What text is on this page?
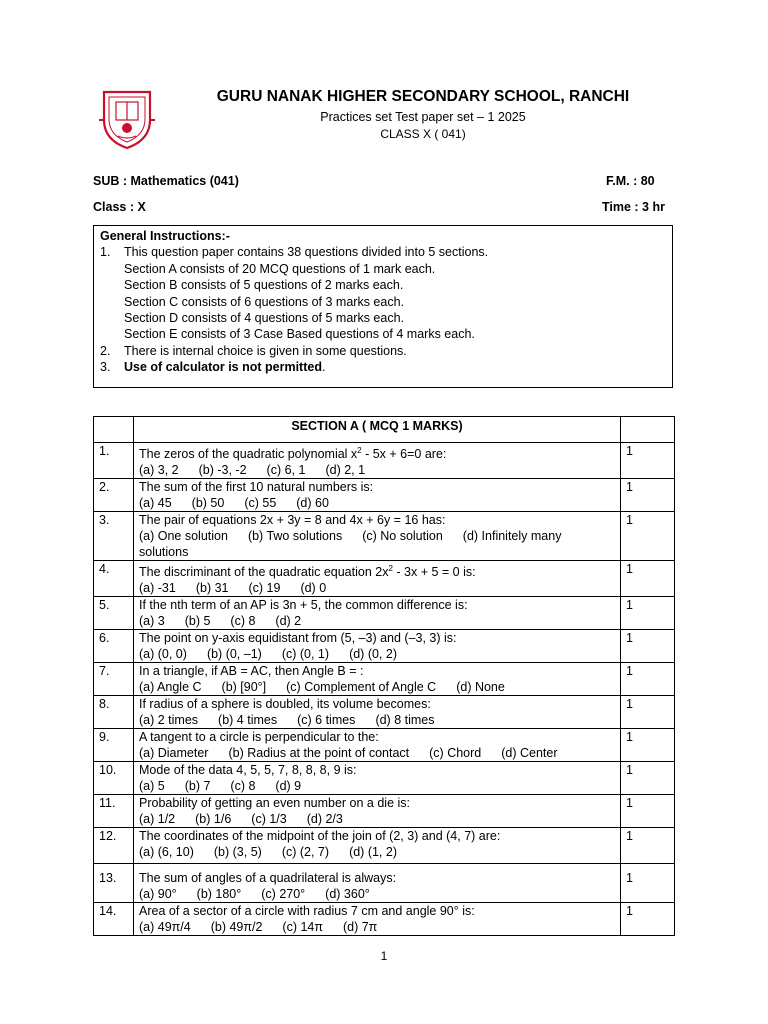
GURU NANAK HIGHER SECONDARY SCHOOL, RANCHI
Practices set Test paper set – 1 2025
CLASS X ( 041)
SUB : Mathematics (041)	F.M. : 80
Class : X	Time : 3 hr
General Instructions:-
1.	This question paper contains 38 questions divided into 5 sections.
Section A consists of 20 MCQ questions of 1 mark each.
Section B consists of 5 questions of 2 marks each.
Section C consists of 6 questions of 3 marks each.
Section D consists of 4 questions of 5 marks each.
Section E consists of 3 Case Based questions of 4 marks each.
2.	There is internal choice is given in some questions.
3.	Use of calculator is not permitted .
	SECTION A ( MCQ 1 MARKS)	
1.	The zeros of the quadratic polynomial $x^2 - 5x + 6=0$ are:
(a) 3, 2 (b) -3, -2 (c) 6, 1 (d) 2, 1	1
2.	The sum of the first 10 natural numbers is:
(a) 45 (b) 50 (c) 55 (d) 60	1
3.	The pair of equations 2x + 3y = 8 and 4x + 6y = 16 has:
(a) One solution (b) Two solutions (c) No solution (d) Infinitely many solutions	1
4.	The discriminant of the quadratic equation $2x^2 - 3x + 5 = 0$ is:
(a) -31 (b) 31 (c) 19 (d) 0	1
5.	If the nth term of an AP is 3n + 5, the common difference is:
(a) 3 (b) 5 (c) 8 (d) 2	1
6.	The point on y-axis equidistant from (5, –3) and (–3, 3) is:
(a) (0, 0) (b) (0, –1) (c) (0, 1) (d) (0, 2)	1
7.	In a triangle, if AB = AC, then Angle B = :
(a) Angle C (b) [90°] (c) Complement of Angle C (d) None	1
8.	If radius of a sphere is doubled, its volume becomes:
(a) 2 times (b) 4 times (c) 6 times (d) 8 times	1
9.	A tangent to a circle is perpendicular to the:
(a) Diameter (b) Radius at the point of contact (c) Chord (d) Center	1
10.	Mode of the data 4, 5, 5, 7, 8, 8, 8, 9 is:
(a) 5 (b) 7 (c) 8 (d) 9	1
11.	Probability of getting an even number on a die is:
(a) 1/2 (b) 1/6 (c) 1/3 (d) 2/3	1
12.	The coordinates of the midpoint of the join of (2, 3) and (4, 7) are:
(a) (6, 10) (b) (3, 5) (c) (2, 7) (d) (1, 2)	1
13.	The sum of angles of a quadrilateral is always:
(a) 90° (b) 180° (c) 270° (d) 360°	1
14.	Area of a sector of a circle with radius 7 cm and angle 90° is:
(a) 49π/4 (b) 49π/2 (c) 14π (d) 7π	1
1
